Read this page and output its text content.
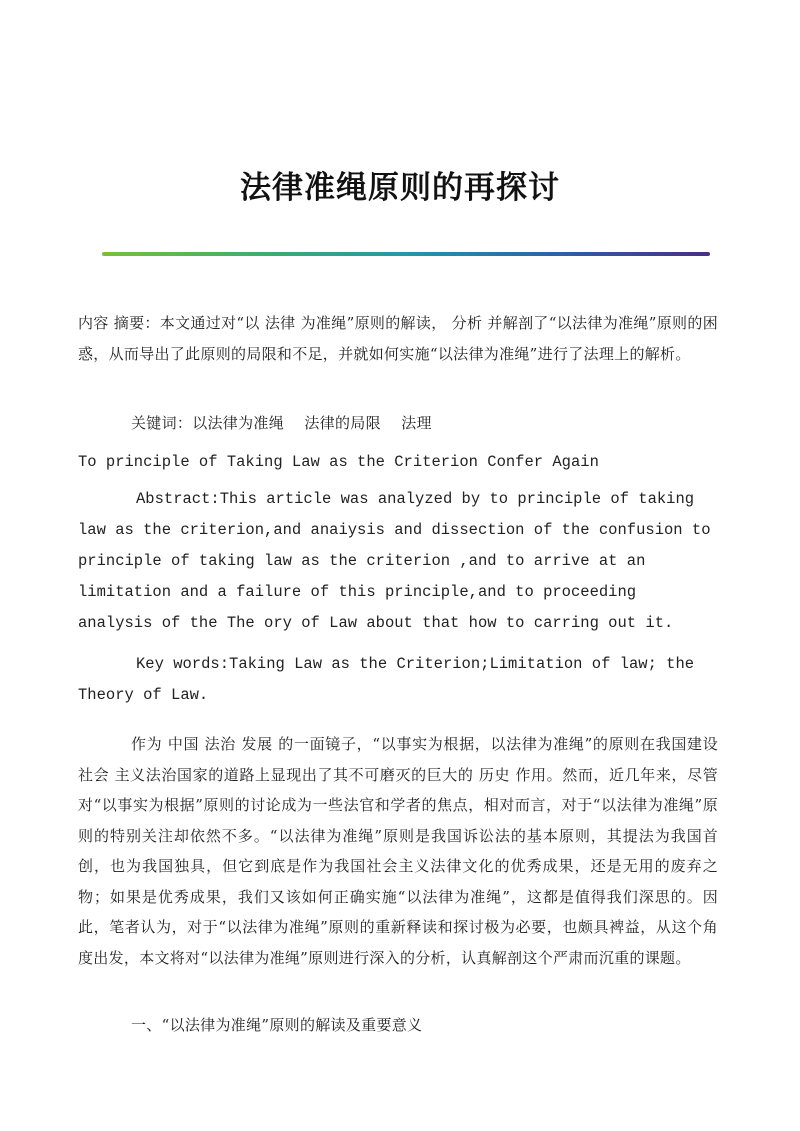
法律准绳原则的再探讨

内容 摘要：本文通过对“以 法律 为准绳”原则的解读， 分析 并解剖了“以法律为准绳”原则的困惑，从而导出了此原则的局限和不足，并就如何实施“以法律为准绳”进行了法理上的解析。

关键词：以法律为准绳　 法律的局限　 法理

To principle of Taking Law as the Criterion Confer Again

Abstract:This article was analyzed by to principle of taking law as the criterion,and anaiysis and dissection of the confusion to principle of taking law as the criterion ,and to arrive at an limitation and a failure of this principle,and to proceeding analysis of the The ory of Law about that how to carring out it.

Key words:Taking Law as the Criterion;Limitation of law; the Theory of Law.

作为 中国 法治 发展 的一面镜子，“以事实为根据，以法律为准绳”的原则在我国建设 社会 主义法治国家的道路上显现出了其不可磨灭的巨大的 历史 作用。然而，近几年来，尽管对“以事实为根据”原则的讨论成为一些法官和学者的焦点，相对而言，对于“以法律为准绳”原则的特别关注却依然不多。“以法律为准绳”原则是我国诉讼法的基本原则，其提法为我国首创，也为我国独具，但它到底是作为我国社会主义法律文化的优秀成果，还是无用的废弃之物；如果是优秀成果，我们又该如何正确实施“以法律为准绳”，这都是值得我们深思的。因此，笔者认为，对于“以法律为准绳”原则的重新释读和探讨极为必要，也颇具裨益，从这个角度出发，本文将对“以法律为准绳”原则进行深入的分析，认真解剖这个严肃而沉重的课题。

一、“以法律为准绳”原则的解读及重要意义
